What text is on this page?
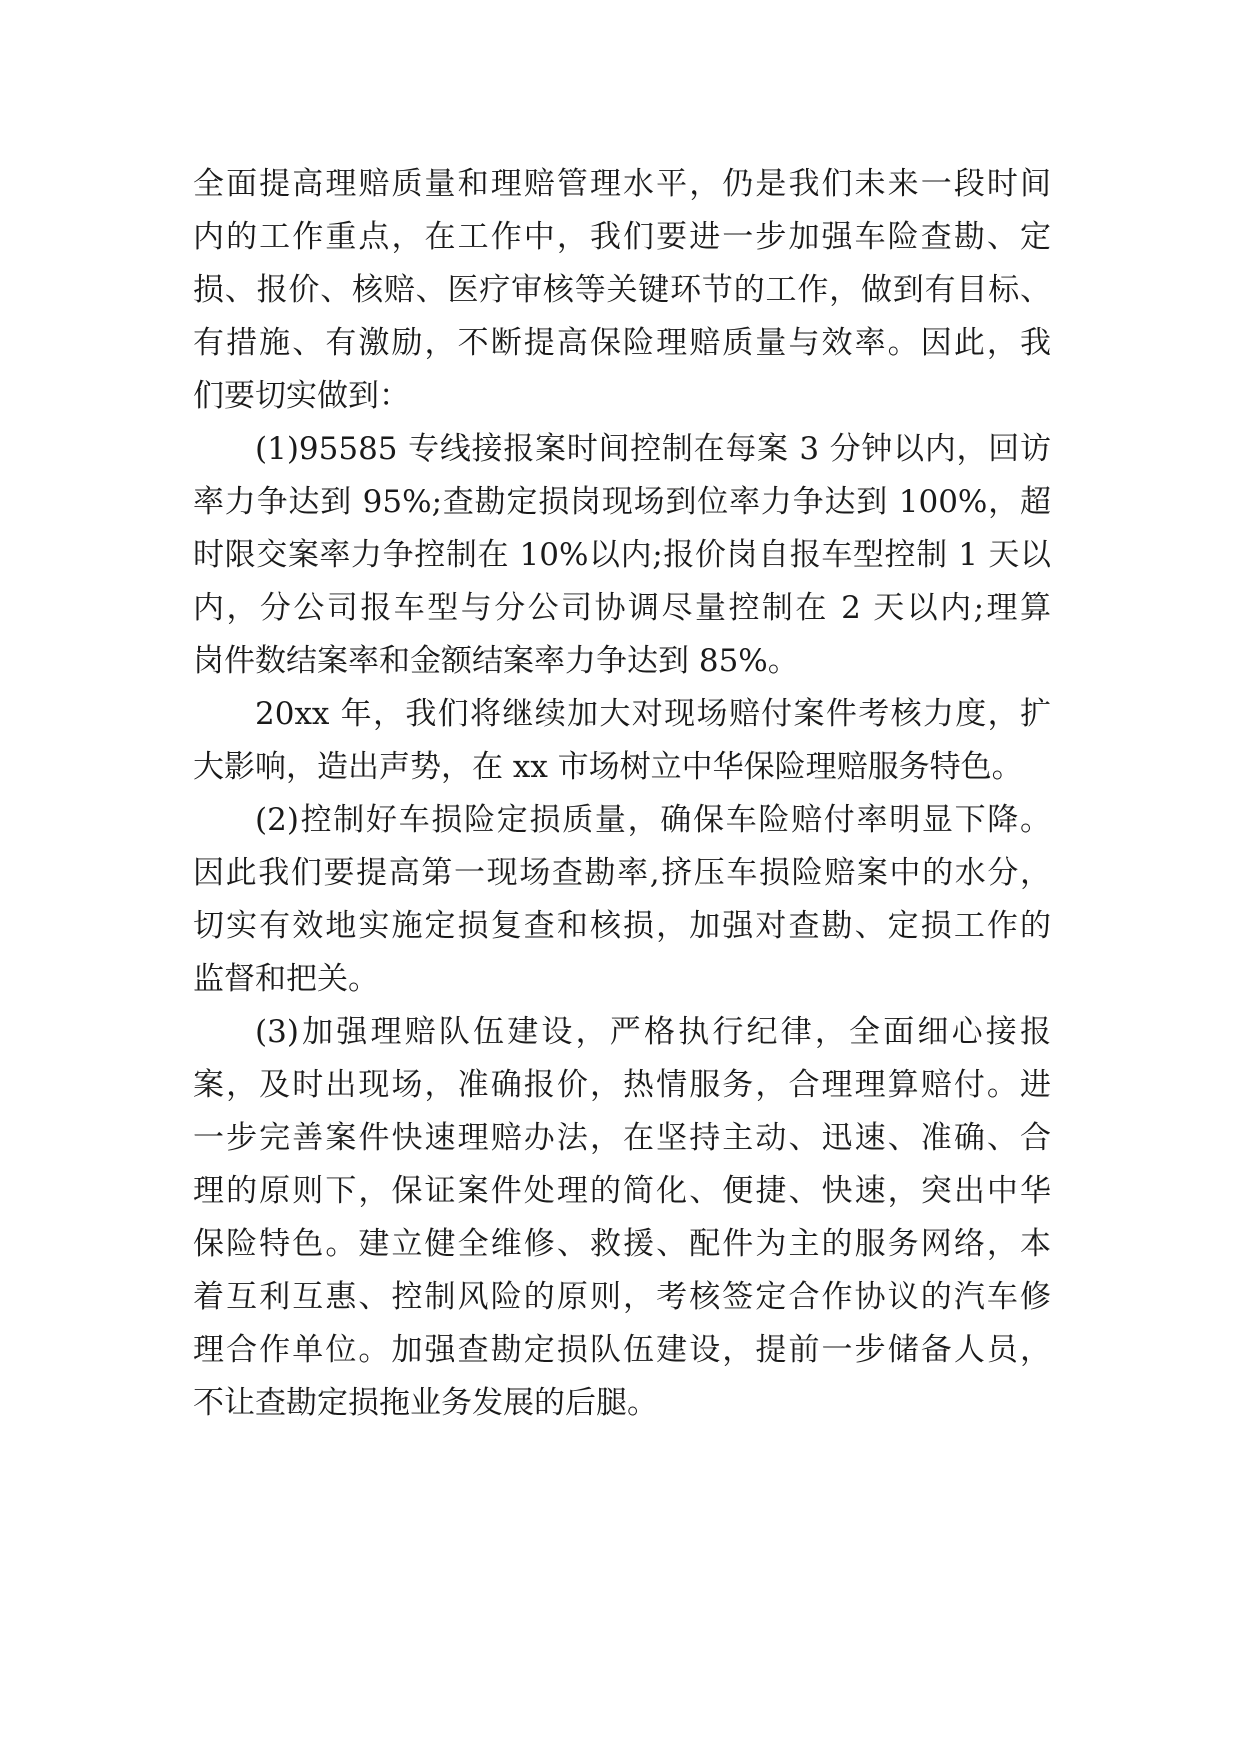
全面提高理赔质量和理赔管理水平，仍是我们未来一段时间
内的工作重点，在工作中，我们要进一步加强车险查勘、定
损、报价、核赔、医疗审核等关键环节的工作，做到有目标、
有措施、有激励，不断提高保险理赔质量与效率。因此，我
们要切实做到：
(1)95585 专线接报案时间控制在每案 3 分钟以内，回访
率力争达到 95%;查勘定损岗现场到位率力争达到 100%，超
时限交案率力争控制在 10%以内;报价岗自报车型控制 1 天以
内，分公司报车型与分公司协调尽量控制在 2 天以内;理算
岗件数结案率和金额结案率力争达到 85%。
20xx 年，我们将继续加大对现场赔付案件考核力度，扩
大影响，造出声势，在 xx 市场树立中华保险理赔服务特色。
(2)控制好车损险定损质量，确保车险赔付率明显下降。
因此我们要提高第一现场查勘率,挤压车损险赔案中的水分，
切实有效地实施定损复查和核损，加强对查勘、定损工作的
监督和把关。
(3)加强理赔队伍建设，严格执行纪律，全面细心接报
案，及时出现场，准确报价，热情服务，合理理算赔付。进
一步完善案件快速理赔办法，在坚持主动、迅速、准确、合
理的原则下，保证案件处理的简化、便捷、快速，突出中华
保险特色。建立健全维修、救援、配件为主的服务网络，本
着互利互惠、控制风险的原则，考核签定合作协议的汽车修
理合作单位。加强查勘定损队伍建设，提前一步储备人员，
不让查勘定损拖业务发展的后腿。
